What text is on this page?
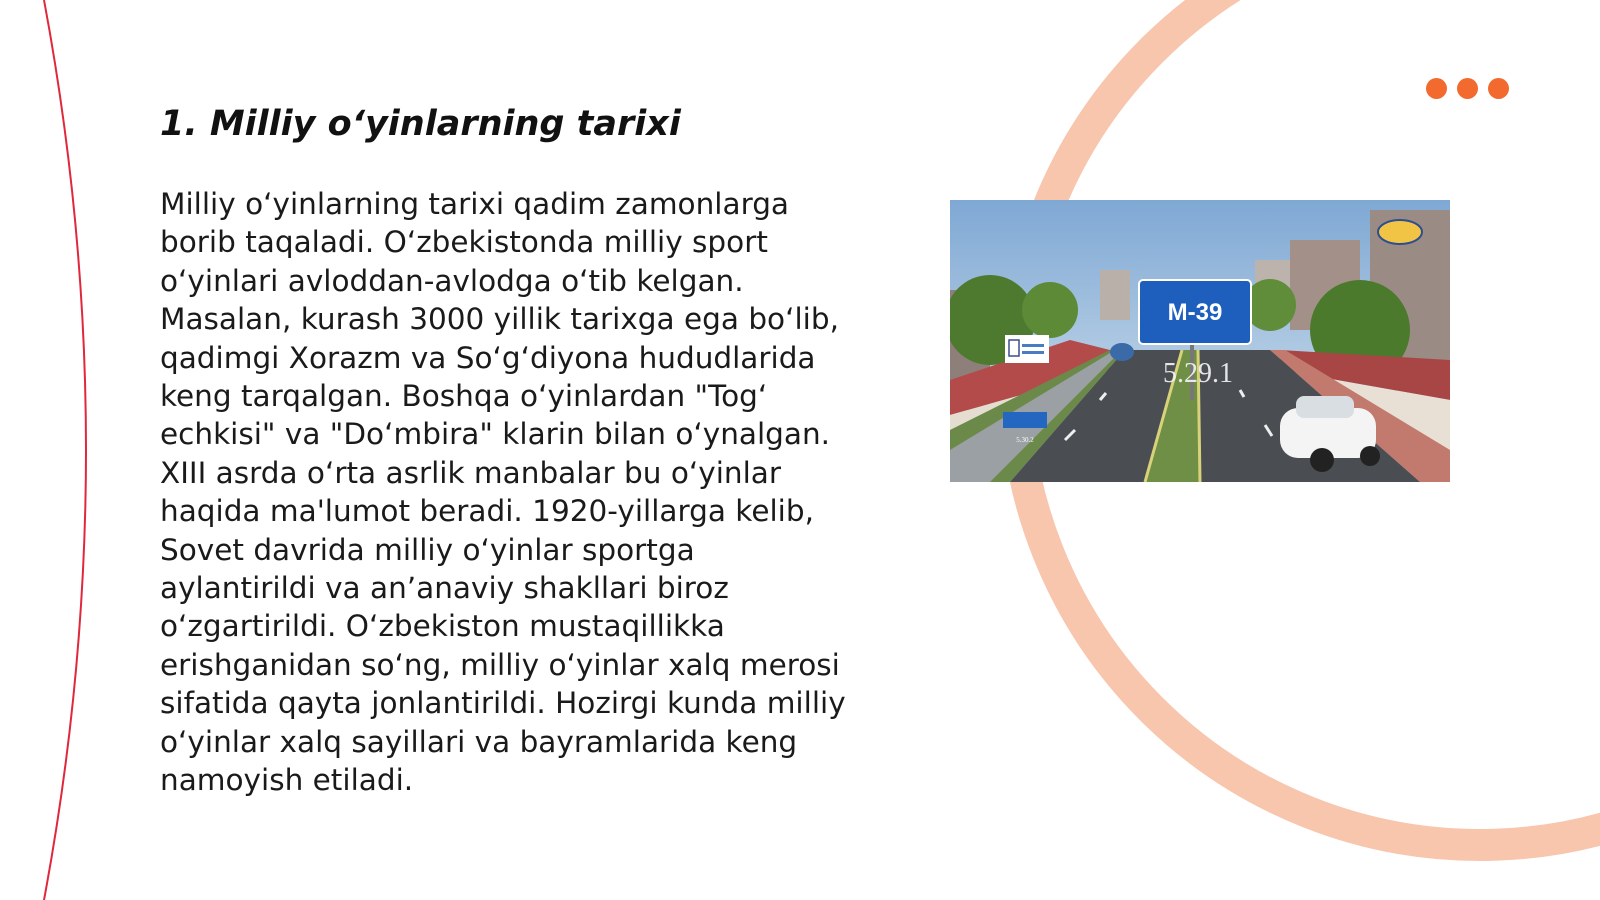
1. Milliy o‘yinlarning tarixi

Milliy o‘yinlarning tarixi qadim zamonlarga borib taqaladi. O‘zbekistonda milliy sport o‘yinlari avloddan-avlodga o‘tib kelgan. Masalan, kurash 3000 yillik tarixga ega bo‘lib, qadimgi Xorazm va So‘g‘diyona hududlarida keng tarqalgan. Boshqa o‘yinlardan "Tog‘ echkisi" va "Do‘mbira" klarin bilan o‘ynalgan. XIII asrda o‘rta asrlik manbalar bu o‘yinlar haqida ma'lumot beradi. 1920-yillarga kelib, Sovet davrida milliy o‘yinlar sportga aylantirildi va an’anaviy shakllari biroz o‘zgartirildi. O‘zbekiston mustaqillikka erishganidan so‘ng, milliy o‘yinlar xalq merosi sifatida qayta jonlantirildi. Hozirgi kunda milliy o‘yinlar xalq sayillari va bayramlarida keng namoyish etiladi.

M-39
5.29.1
5.30.2
